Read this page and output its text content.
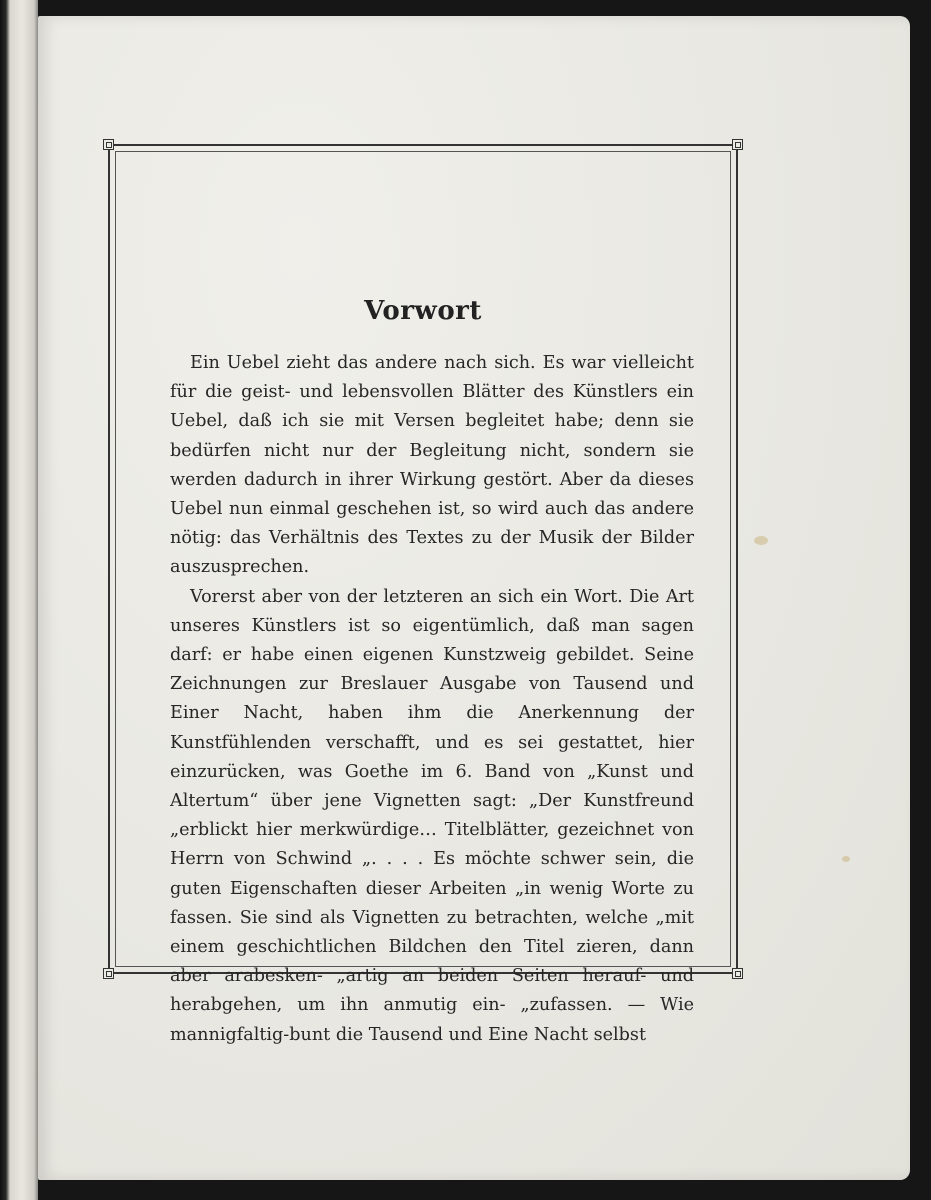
Vorwort

Ein Uebel zieht das andere nach sich. Es war vielleicht für die geist- und lebensvollen Blätter des Künstlers ein Uebel, daß ich sie mit Versen begleitet habe; denn sie bedürfen nicht nur der Begleitung nicht, sondern sie werden dadurch in ihrer Wirkung gestört. Aber da dieses Uebel nun einmal geschehen ist, so wird auch das andere nötig: das Verhältnis des Textes zu der Musik der Bilder auszusprechen.

Vorerst aber von der letzteren an sich ein Wort. Die Art unseres Künstlers ist so eigentümlich, daß man sagen darf: er habe einen eigenen Kunstzweig gebildet. Seine Zeichnungen zur Breslauer Ausgabe von Tausend und Einer Nacht, haben ihm die Anerkennung der Kunstfühlenden verschafft, und es sei gestattet, hier einzurücken, was Goethe im 6. Band von „Kunst und Altertum“ über jene Vignetten sagt: „Der Kunstfreund „erblickt hier merkwürdige… Titelblätter, gezeichnet von Herrn von Schwind „. . . . Es möchte schwer sein, die guten Eigenschaften dieser Arbeiten „in wenig Worte zu fassen. Sie sind als Vignetten zu betrachten, welche „mit einem geschichtlichen Bildchen den Titel zieren, dann aber arabesken- „artig an beiden Seiten herauf- und herabgehen, um ihn anmutig ein- „zufassen. — Wie mannigfaltig-bunt die Tausend und Eine Nacht selbst
